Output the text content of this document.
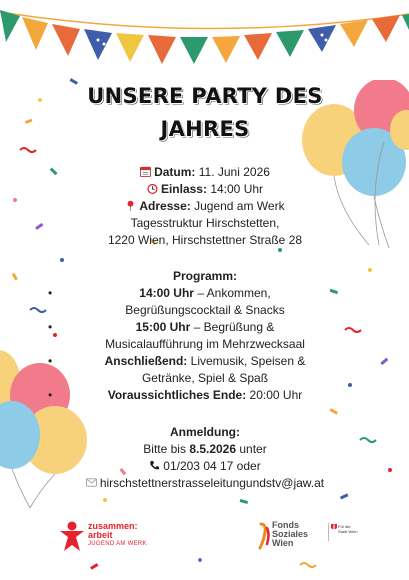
UNSERE PARTY DES
JAHRES
Datum: 11. Juni 2026
Einlass: 14:00 Uhr
Adresse: Jugend am Werk
Tagesstruktur Hirschstetten,
1220 Wien, Hirschstettner Straße 28
Programm:
• 14:00 Uhr – Ankommen,
Begrüßungscocktail & Snacks
• 15:00 Uhr – Begrüßung &
Musicalaufführung im Mehrzwecksaal
• Anschließend: Livemusik, Speisen &
Getränke, Spiel & Spaß
• Voraussichtliches Ende: 20:00 Uhr
Anmeldung:
Bitte bis 8.5.2026 unter
01/203 04 17 oder
hirschstettnerstrasseleitungundstv@jaw.at
zusammen:
arbeit
JUGEND AM WERK
Fonds
Soziales
Wien
Für die
Stadt Wien
